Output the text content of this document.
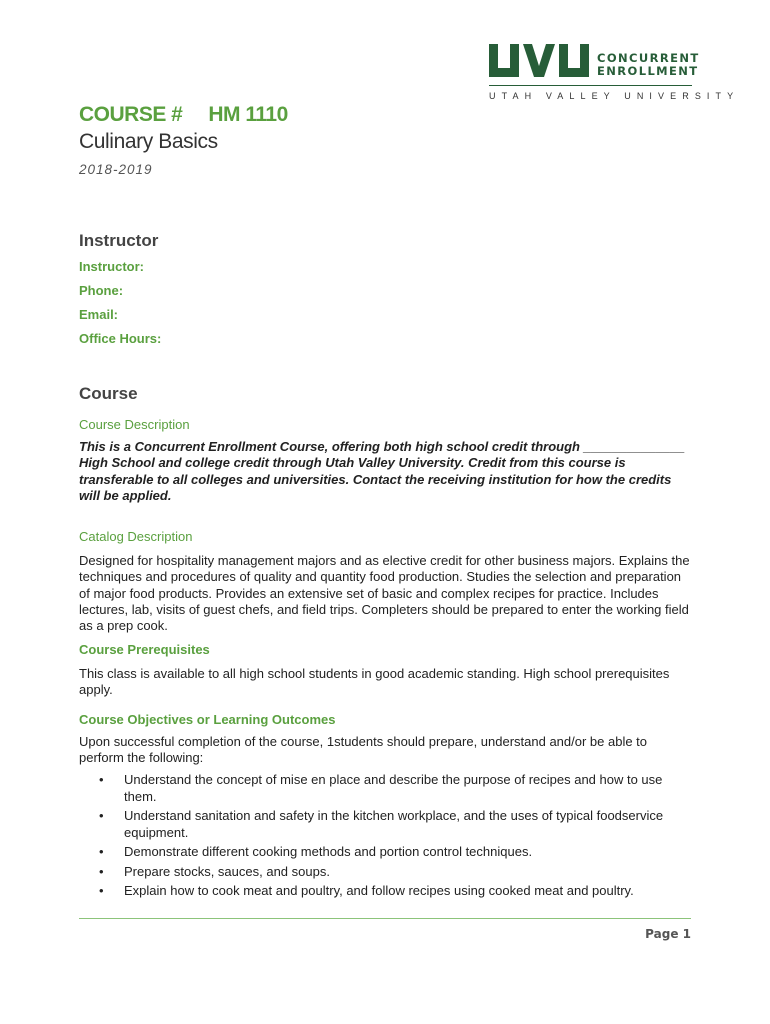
CONCURRENT
ENROLLMENT
UTAH VALLEY UNIVERSITY
COURSE # HM 1110
Culinary Basics
2018-2019
Instructor
Instructor:
Phone:
Email:
Office Hours:
Course
Course Description
This is a Concurrent Enrollment Course, offering both high school credit through ______________ High School and college credit through Utah Valley University. Credit from this course is transferable to all colleges and universities. Contact the receiving institution for how the credits will be applied.
Catalog Description
Designed for hospitality management majors and as elective credit for other business majors. Explains the techniques and procedures of quality and quantity food production. Studies the selection and preparation of major food products. Provides an extensive set of basic and complex recipes for practice. Includes lectures, lab, visits of guest chefs, and field trips. Completers should be prepared to enter the working field as a prep cook.
Course Prerequisites
This class is available to all high school students in good academic standing. High school prerequisites apply.
Course Objectives or Learning Outcomes
Upon successful completion of the course, 1students should prepare, understand and/or be able to perform the following:
• Understand the concept of mise en place and describe the purpose of recipes and how to use them.
• Understand sanitation and safety in the kitchen workplace, and the uses of typical foodservice equipment.
• Demonstrate different cooking methods and portion control techniques.
• Prepare stocks, sauces, and soups.
• Explain how to cook meat and poultry, and follow recipes using cooked meat and poultry.
Page 1
